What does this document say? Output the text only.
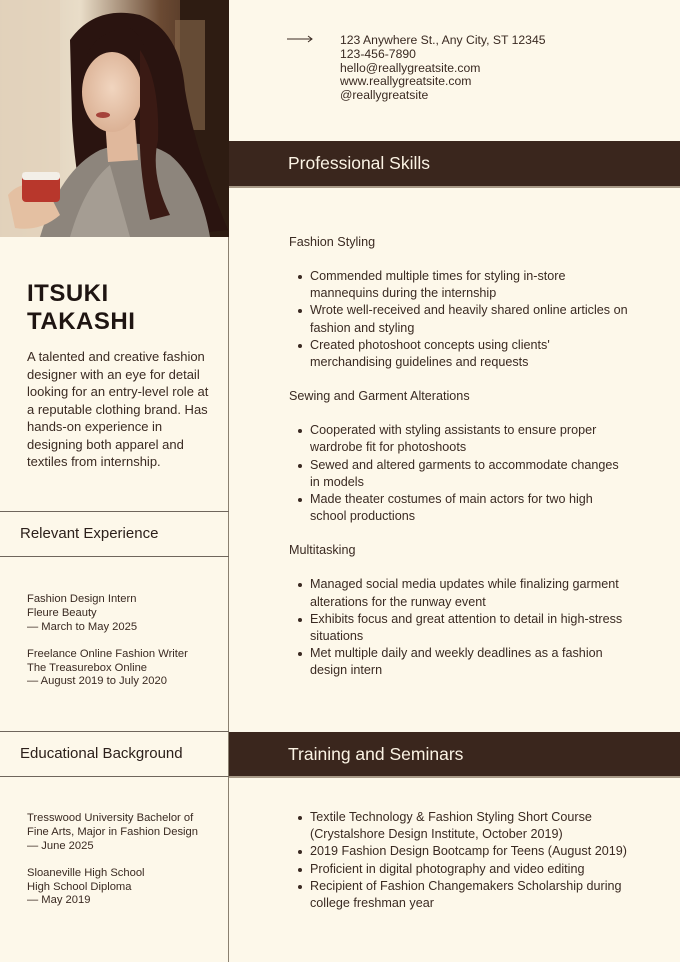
ITSUKI
TAKASHI

A talented and creative fashion designer with an eye for detail looking for an entry-level role at a reputable clothing brand. Has hands-on experience in designing both apparel and textiles from internship.

Relevant Experience
Fashion Design Intern
Fleure Beauty
— March to May 2025
Freelance Online Fashion Writer
The Treasurebox Online
— August 2019 to July 2020
Educational Background
Tresswood University Bachelor of
Fine Arts, Major in Fashion Design
— June 2025
Sloaneville High School
High School Diploma
— May 2019
123 Anywhere St., Any City, ST 12345
123-456-7890
hello@reallygreatsite.com
www.reallygreatsite.com
@reallygreatsite
Professional Skills
Fashion Styling
Commended multiple times for styling in-store
mannequins during the internship
Wrote well-received and heavily shared online articles on
fashion and styling
Created photoshoot concepts using clients'
merchandising guidelines and requests
Sewing and Garment Alterations
Cooperated with styling assistants to ensure proper
wardrobe fit for photoshoots
Sewed and altered garments to accommodate changes
in models
Made theater costumes of main actors for two high
school productions
Multitasking
Managed social media updates while finalizing garment
alterations for the runway event
Exhibits focus and great attention to detail in high-stress
situations
Met multiple daily and weekly deadlines as a fashion
design intern
Training and Seminars
Textile Technology & Fashion Styling Short Course
(Crystalshore Design Institute, October 2019)
2019 Fashion Design Bootcamp for Teens (August 2019)
Proficient in digital photography and video editing
Recipient of Fashion Changemakers Scholarship during
college freshman year
